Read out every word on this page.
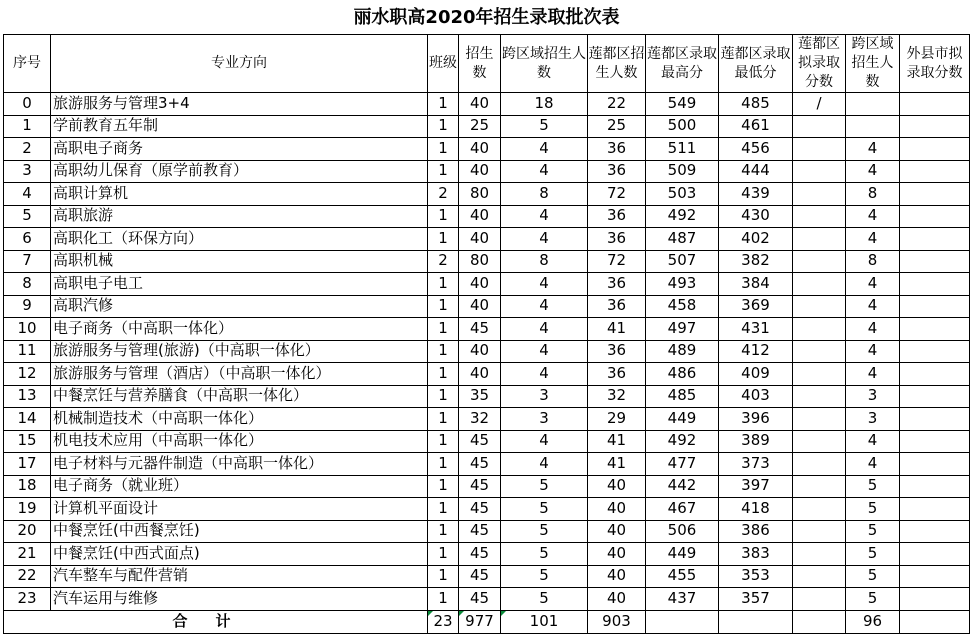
丽水职高2020年招生录取批次表										
序号	专业方向	班级	招生数	跨区域招生人数	莲都区招生人数	莲都区录取最高分	莲都区录取最低分	莲都区拟录取分数	跨区域招生人数	外县市拟录取分数
0	旅游服务与管理3+4	1	40	18	22	549	485	/		
1	学前教育五年制	1	25	5	25	500	461			
2	高职电子商务	1	40	4	36	511	456		4	
3	高职幼儿保育（原学前教育）	1	40	4	36	509	444		4	
4	高职计算机	2	80	8	72	503	439		8	
5	高职旅游	1	40	4	36	492	430		4	
6	高职化工（环保方向）	1	40	4	36	487	402		4	
7	高职机械	2	80	8	72	507	382		8	
8	高职电子电工	1	40	4	36	493	384		4	
9	高职汽修	1	40	4	36	458	369		4	
10	电子商务（中高职一体化）	1	45	4	41	497	431		4	
11	旅游服务与管理(旅游)（中高职一体化）	1	40	4	36	489	412		4	
12	旅游服务与管理（酒店）（中高职一体化）	1	40	4	36	486	409		4	
13	中餐烹饪与营养膳食（中高职一体化）	1	35	3	32	485	403		3	
14	机械制造技术（中高职一体化）	1	32	3	29	449	396		3	
15	机电技术应用（中高职一体化）	1	45	4	41	492	389		4	
17	电子材料与元器件制造（中高职一体化）	1	45	4	41	477	373		4	
18	电子商务（就业班）	1	45	5	40	442	397		5	
19	计算机平面设计	1	45	5	40	467	418		5	
20	中餐烹饪(中西餐烹饪)	1	45	5	40	506	386		5	
21	中餐烹饪(中西式面点)	1	45	5	40	449	383		5	
22	汽车整车与配件营销	1	45	5	40	455	353		5	
23	汽车运用与维修	1	45	5	40	437	357		5	
合计		23	977	101	903				96	
